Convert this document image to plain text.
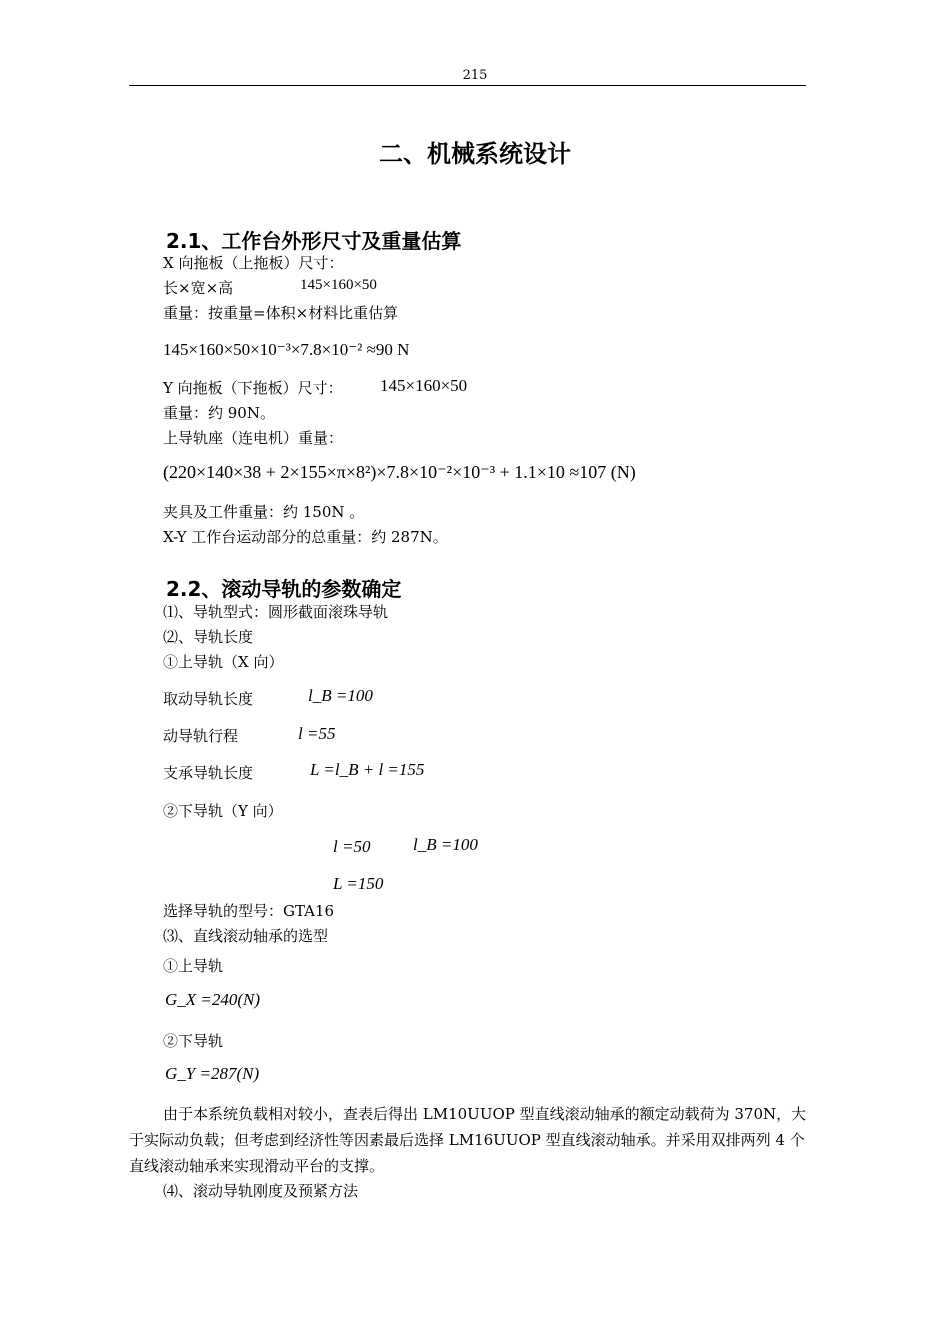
215
二、机械系统设计
2.1、工作台外形尺寸及重量估算
X 向拖板（上拖板）尺寸：
长×宽×高	145×160×50
重量：按重量=体积×材料比重估算
145×160×50×10⁻³×7.8×10⁻² ≈90 N
Y 向拖板（下拖板）尺寸： 145×160×50
重量：约 90N。
上导轨座（连电机）重量：
(220×140×38 + 2×155×π×8²)×7.8×10⁻²×10⁻³ + 1.1×10 ≈107 (N)
夹具及工件重量：约 150N 。
X-Y 工作台运动部分的总重量：约 287N。
2.2、滚动导轨的参数确定
⑴、导轨型式：圆形截面滚珠导轨
⑵、导轨长度
①上导轨（X 向）
取动导轨长度	l_B =100
动导轨行程	l =55
支承导轨长度	L =l_B + l =155
②下导轨（Y 向）
l =50	l_B =100
L =150
选择导轨的型号：GTA16
⑶、直线滚动轴承的选型
①上导轨
G_X =240(N)
②下导轨
G_Y =287(N)
由于本系统负载相对较小，查表后得出 LM10UUOP 型直线滚动轴承的额定动载荷为 370N，大于实际动负载；但考虑到经济性等因素最后选择 LM16UUOP 型直线滚动轴承。并采用双排两列 4 个直线滚动轴承来实现滑动平台的支撑。
⑷、滚动导轨刚度及预紧方法
